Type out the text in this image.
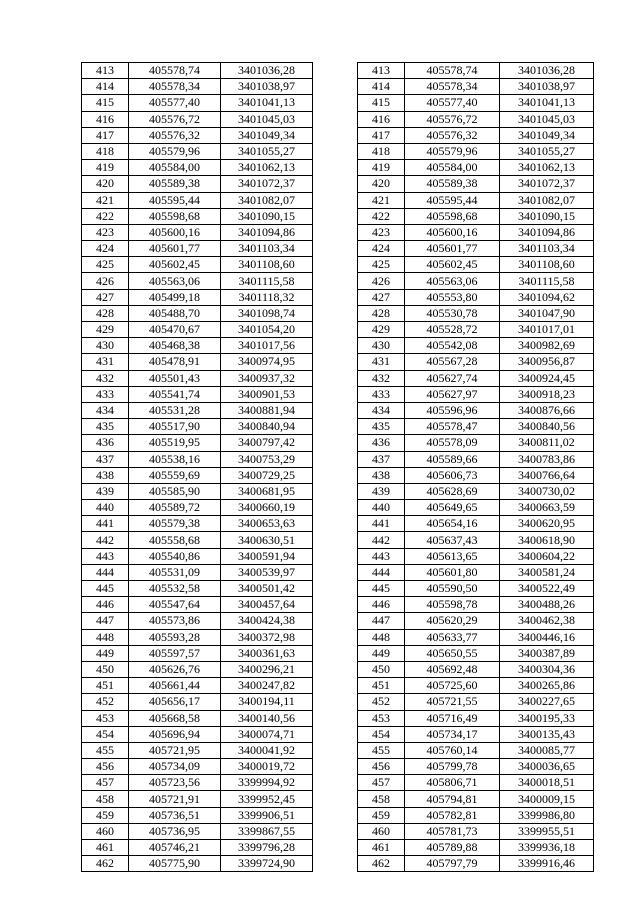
413	405578,74	3401036,28		413	405578,74	3401036,28
414	405578,34	3401038,97		414	405578,34	3401038,97
415	405577,40	3401041,13		415	405577,40	3401041,13
416	405576,72	3401045,03		416	405576,72	3401045,03
417	405576,32	3401049,34		417	405576,32	3401049,34
418	405579,96	3401055,27		418	405579,96	3401055,27
419	405584,00	3401062,13		419	405584,00	3401062,13
420	405589,38	3401072,37		420	405589,38	3401072,37
421	405595,44	3401082,07		421	405595,44	3401082,07
422	405598,68	3401090,15		422	405598,68	3401090,15
423	405600,16	3401094,86		423	405600,16	3401094,86
424	405601,77	3401103,34		424	405601,77	3401103,34
425	405602,45	3401108,60		425	405602,45	3401108,60
426	405563,06	3401115,58		426	405563,06	3401115,58
427	405499,18	3401118,32		427	405553,80	3401094,62
428	405488,70	3401098,74		428	405530,78	3401047,90
429	405470,67	3401054,20		429	405528,72	3401017,01
430	405468,38	3401017,56		430	405542,08	3400982,69
431	405478,91	3400974,95		431	405567,28	3400956,87
432	405501,43	3400937,32		432	405627,74	3400924,45
433	405541,74	3400901,53		433	405627,97	3400918,23
434	405531,28	3400881,94		434	405596,96	3400876,66
435	405517,90	3400840,94		435	405578,47	3400840,56
436	405519,95	3400797,42		436	405578,09	3400811,02
437	405538,16	3400753,29		437	405589,66	3400783,86
438	405559,69	3400729,25		438	405606,73	3400766,64
439	405585,90	3400681,95		439	405628,69	3400730,02
440	405589,72	3400660,19		440	405649,65	3400663,59
441	405579,38	3400653,63		441	405654,16	3400620,95
442	405558,68	3400630,51		442	405637,43	3400618,90
443	405540,86	3400591,94		443	405613,65	3400604,22
444	405531,09	3400539,97		444	405601,80	3400581,24
445	405532,58	3400501,42		445	405590,50	3400522,49
446	405547,64	3400457,64		446	405598,78	3400488,26
447	405573,86	3400424,38		447	405620,29	3400462,38
448	405593,28	3400372,98		448	405633,77	3400446,16
449	405597,57	3400361,63		449	405650,55	3400387,89
450	405626,76	3400296,21		450	405692,48	3400304,36
451	405661,44	3400247,82		451	405725,60	3400265,86
452	405656,17	3400194,11		452	405721,55	3400227,65
453	405668,58	3400140,56		453	405716,49	3400195,33
454	405696,94	3400074,71		454	405734,17	3400135,43
455	405721,95	3400041,92		455	405760,14	3400085,77
456	405734,09	3400019,72		456	405799,78	3400036,65
457	405723,56	3399994,92		457	405806,71	3400018,51
458	405721,91	3399952,45		458	405794,81	3400009,15
459	405736,51	3399906,51		459	405782,81	3399986,80
460	405736,95	3399867,55		460	405781,73	3399955,51
461	405746,21	3399796,28		461	405789,88	3399936,18
462	405775,90	3399724,90		462	405797,79	3399916,46
